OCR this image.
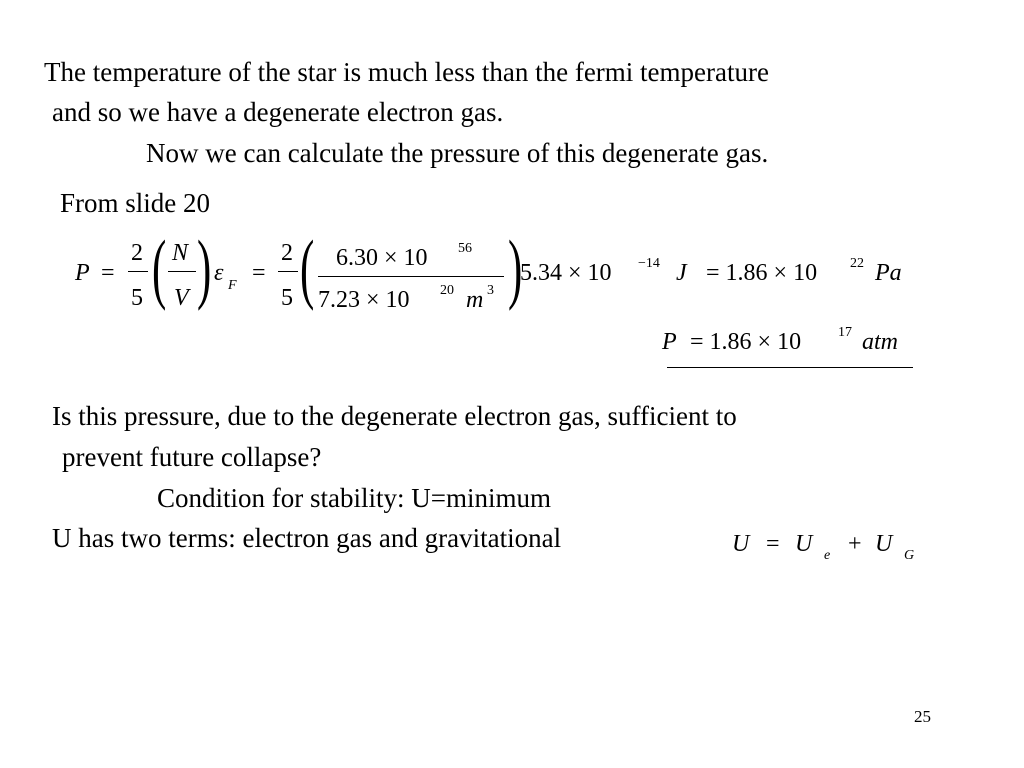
The temperature of the star is much less than the fermi temperature
and so we have a degenerate electron gas.
Now we can calculate the pressure of this degenerate gas.
From slide 20
P =
2
5 ( N
V ) ε F =
2
5 ( 6.30 × 10 56
7.23 × 10 20 m 3 )
5.34 × 10 −14 J = 1.86 × 10 22 Pa
P = 1.86 × 10	17 atm
Is this pressure, due to the degenerate electron gas, sufficient to
prevent future collapse?
Condition for stability: U=minimum
U has two terms: electron gas and gravitational	U = U e + U G
25
